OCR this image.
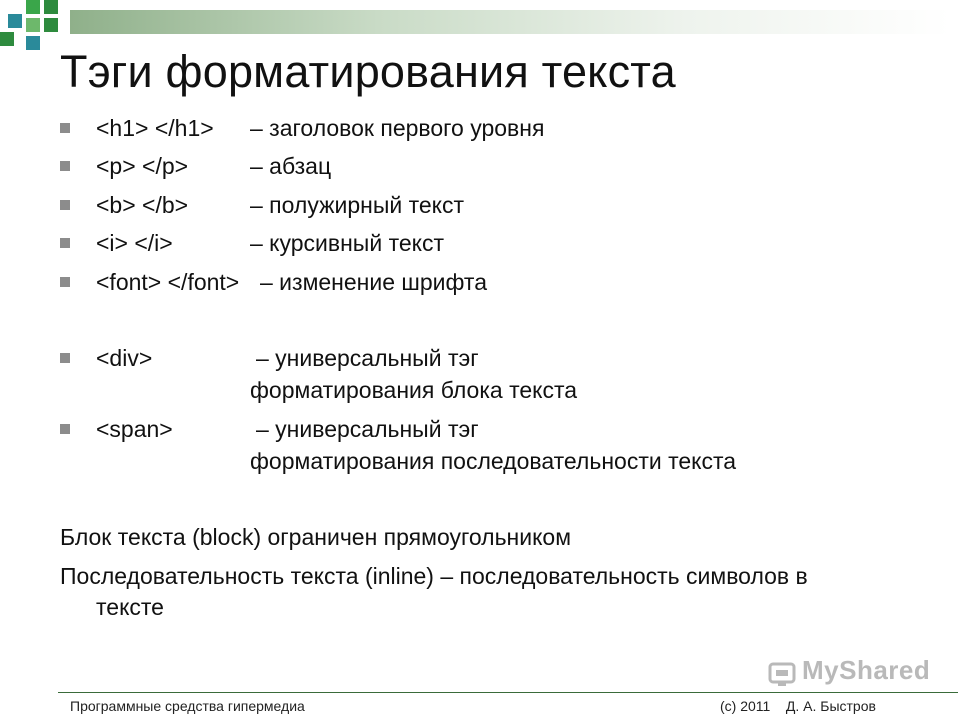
Тэги форматирования текста
<h1> </h1> – заголовок первого уровня
<p> </p>	– абзац
<b> </b>	– полужирный текст
<i> </i>	– курсивный текст
<font> </font> – изменение шрифта
<div>	– универсальный тэг
форматирования блока текста
<span>	– универсальный тэг
форматирования последовательности текста
Блок текста (block) ограничен прямоугольником
Последовательность текста (inline) – последовательность символов в
тексте
MyShared
Программные средства гипермедиа	(c) 2011    Д. А. Быстров
